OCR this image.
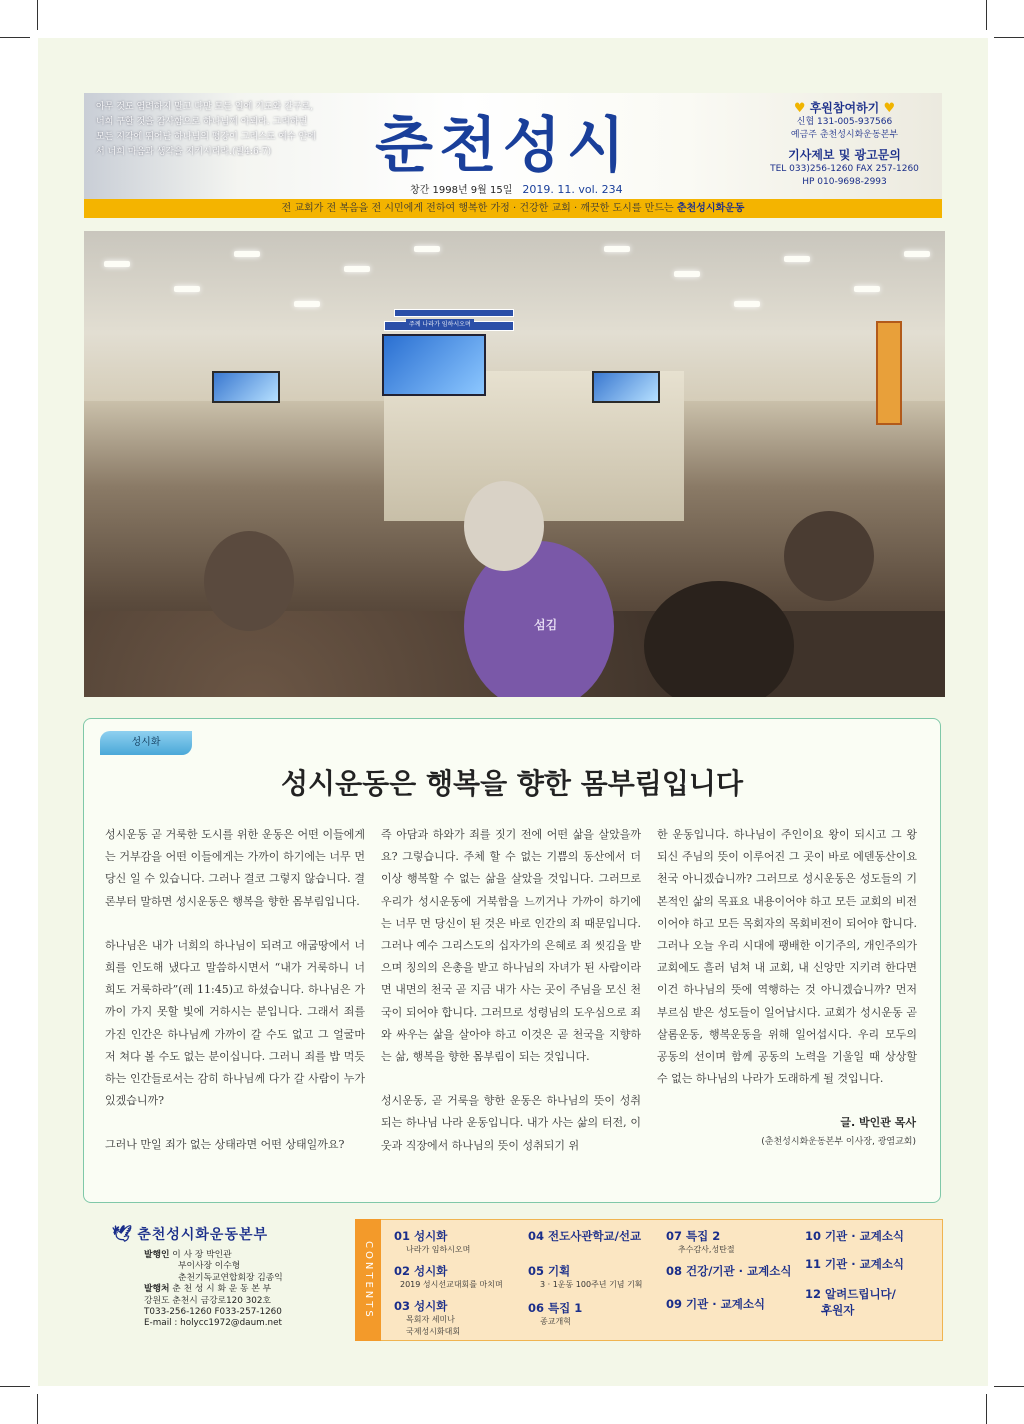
아무 것도 염려하지 말고 다만 모든 일에 기도와 간구로, 너희 구할 것을 감사함으로 하나님께 아뢰라. 그리하면 모든 지각에 뛰어난 하나님의 평강이 그리스도 예수 안에서 너희 마음과 생각을 지키시리라.(빌4:6-7)	춘천성시
창간 1998년 9월 15일 2019. 11. vol. 234
♥ 후원참여하기 ♥
신협 131-005-937566
예금주 춘천성시화운동본부
기사제보 및 광고문의
TEL 033)256-1260 FAX 257-1260
HP 010-9698-2993
전 교회가 전 복음을 전 시민에게 전하여 행복한 가정 · 건강한 교회 · 깨끗한 도시를 만드는 춘천성시화운동
섬김
주께 나라가 임하시오며
성시화
성시운동은 행복을 향한 몸부림입니다

성시운동 곧 거룩한 도시를 위한 운동은 어떤 이들에게는 거부감을 어떤 이들에게는 가까이 하기에는 너무 먼 당신 일 수 있습니다. 그러나 결코 그렇지 않습니다. 결론부터 말하면 성시운동은 행복을 향한 몸부림입니다.

하나님은 내가 너희의 하나님이 되려고 애굽땅에서 너희를 인도해 냈다고 말씀하시면서 “내가 거룩하니 너희도 거룩하라”(레 11:45)고 하셨습니다. 하나님은 가까이 가지 못할 빛에 거하시는 분입니다. 그래서 죄를 가진 인간은 하나님께 가까이 갈 수도 없고 그 얼굴마저 쳐다 볼 수도 없는 분이십니다. 그러니 죄를 밥 먹듯 하는 인간들로서는 감히 하나님께 다가 갈 사람이 누가 있겠습니까?

그러나 만일 죄가 없는 상태라면 어떤 상태일까요?

즉 아담과 하와가 죄를 짓기 전에 어떤 삶을 살았을까요? 그렇습니다. 주체 할 수 없는 기쁨의 동산에서 더 이상 행복할 수 없는 삶을 살았을 것입니다. 그러므로 우리가 성시운동에 거북함을 느끼거나 가까이 하기에는 너무 먼 당신이 된 것은 바로 인간의 죄 때문입니다. 그러나 예수 그리스도의 십자가의 은혜로 죄 씻김을 받으며 칭의의 은총을 받고 하나님의 자녀가 된 사람이라면 내면의 천국 곧 지금 내가 사는 곳이 주님을 모신 천국이 되어야 합니다. 그러므로 성령님의 도우심으로 죄와 싸우는 삶을 살아야 하고 이것은 곧 천국을 지향하는 삶, 행복을 향한 몸부림이 되는 것입니다.

성시운동, 곧 거룩을 향한 운동은 하나님의 뜻이 성취되는 하나님 나라 운동입니다. 내가 사는 삶의 터전, 이웃과 직장에서 하나님의 뜻이 성취되기 위

한 운동입니다. 하나님이 주인이요 왕이 되시고 그 왕 되신 주님의 뜻이 이루어진 그 곳이 바로 에덴동산이요 천국 아니겠습니까? 그러므로 성시운동은 성도들의 기본적인 삶의 목표요 내용이어야 하고 모든 교회의 비전이어야 하고 모든 목회자의 목회비전이 되어야 합니다. 그러나 오늘 우리 시대에 팽배한 이기주의, 개인주의가 교회에도 흘러 넘쳐 내 교회, 내 신앙만 지키려 한다면 이건 하나님의 뜻에 역행하는 것 아니겠습니까? 먼저 부르심 받은 성도들이 일어납시다. 교회가 성시운동 곧 살롬운동, 행복운동을 위해 일어섭시다. 우리 모두의 공동의 선이며 함께 공동의 노력을 기울일 때 상상할 수 없는 하나님의 나라가 도래하게 될 것입니다.

글. 박인관 목사
(춘천성시화운동본부 이사장, 광염교회)
🕊 춘천성시화운동본부
발행인 이 사 장 박인관
부이사장 이수형
춘천기독교연합회장 김종익
발행처 춘 천 성 시 화 운 동 본 부
강원도 춘천시 금강로120 302호
T033-256-1260 F033-257-1260
E-mail : holycc1972@daum.net
CONTENTS
01 성시화
나라가 임하시오며
02 성시화
2019 성시선교대회를 마치며
03 성시화
목회자 세미나
국제성시화대회
04 전도사관학교/선교
05 기획
3 · 1운동 100주년 기념 기획
06 특집 1
종교개혁
07 특집 2
추수감사,성탄절
08 건강/기관 · 교계소식
09 기관 · 교계소식
10 기관 · 교계소식
11 기관 · 교계소식
12 알려드립니다/
후원자
